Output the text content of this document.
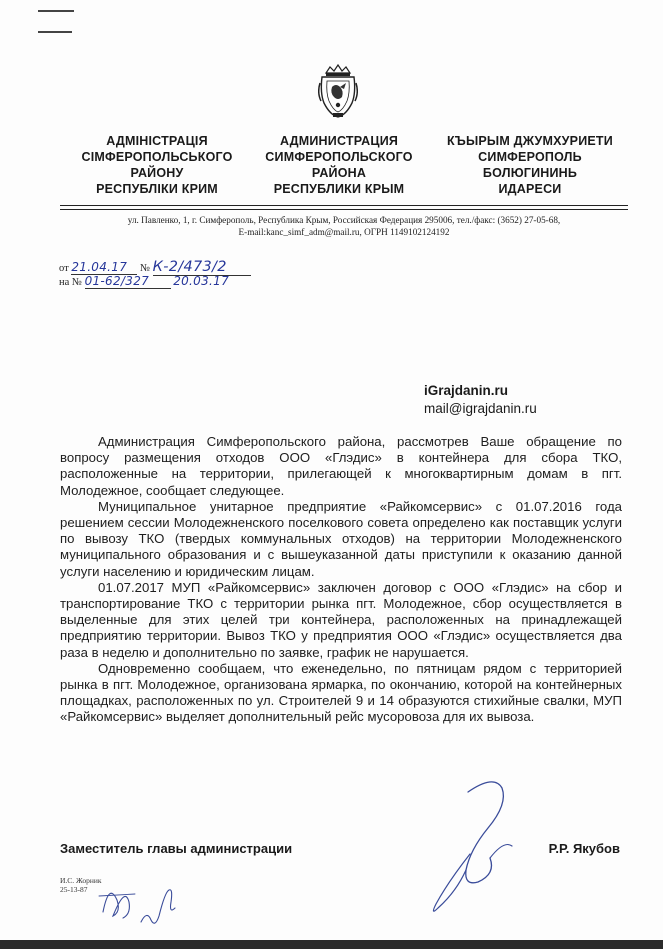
АДМІНІСТРАЦІЯ
СІМФЕРОПОЛЬСЬКОГО
РАЙОНУ
РЕСПУБЛІКИ КРИМ
АДМИНИСТРАЦИЯ
СИМФЕРОПОЛЬСКОГО
РАЙОНА
РЕСПУБЛИКИ КРЫМ
КЪЫРЫМ ДЖУМХУРИЕТИ
СИМФЕРОПОЛЬ
БОЛЮГИНИНЬ
ИДАРЕСИ
ул. Павленко, 1, г. Симферополь, Республика Крым, Российская Федерация 295006, тел./факс: (3652) 27-05-68,
E-mail:kanc_simf_adm@mail.ru, ОГРН 1149102124192
от 21.04.17 № К-2/473/2
на № 01-62/327 20.03.17
iGrajdanin.ru
mail@igrajdanin.ru

Администрация Симферопольского района, рассмотрев Ваше обращение по вопросу размещения отходов ООО «Глэдис» в контейнера для сбора ТКО, расположенные на территории, прилегающей к многоквартирным домам в пгт. Молодежное, сообщает следующее.

Муниципальное унитарное предприятие «Райкомсервис» с 01.07.2016 года решением сессии Молодежненского поселкового совета определено как поставщик услуги по вывозу ТКО (твердых коммунальных отходов) на территории Молодежненского муниципального образования и с вышеуказанной даты приступили к оказанию данной услуги населению и юридическим лицам.

01.07.2017 МУП «Райкомсервис» заключен договор с ООО «Глэдис» на сбор и транспортирование ТКО с территории рынка пгт. Молодежное, сбор осуществляется в выделенные для этих целей три контейнера, расположенных на принадлежащей предприятию территории. Вывоз ТКО у предприятия ООО «Глэдис» осуществляется два раза в неделю и дополнительно по заявке, график не нарушается.

Одновременно сообщаем, что еженедельно, по пятницам рядом с территорией рынка в пгт. Молодежное, организована ярмарка, по окончанию, которой на контейнерных площадках, расположенных по ул. Строителей 9 и 14 образуются стихийные свалки, МУП «Райкомсервис» выделяет дополнительный рейс мусоровоза для их вывоза.

Заместитель главы администрации	Р.Р. Якубов
И.С. Жорник
25-13-87
